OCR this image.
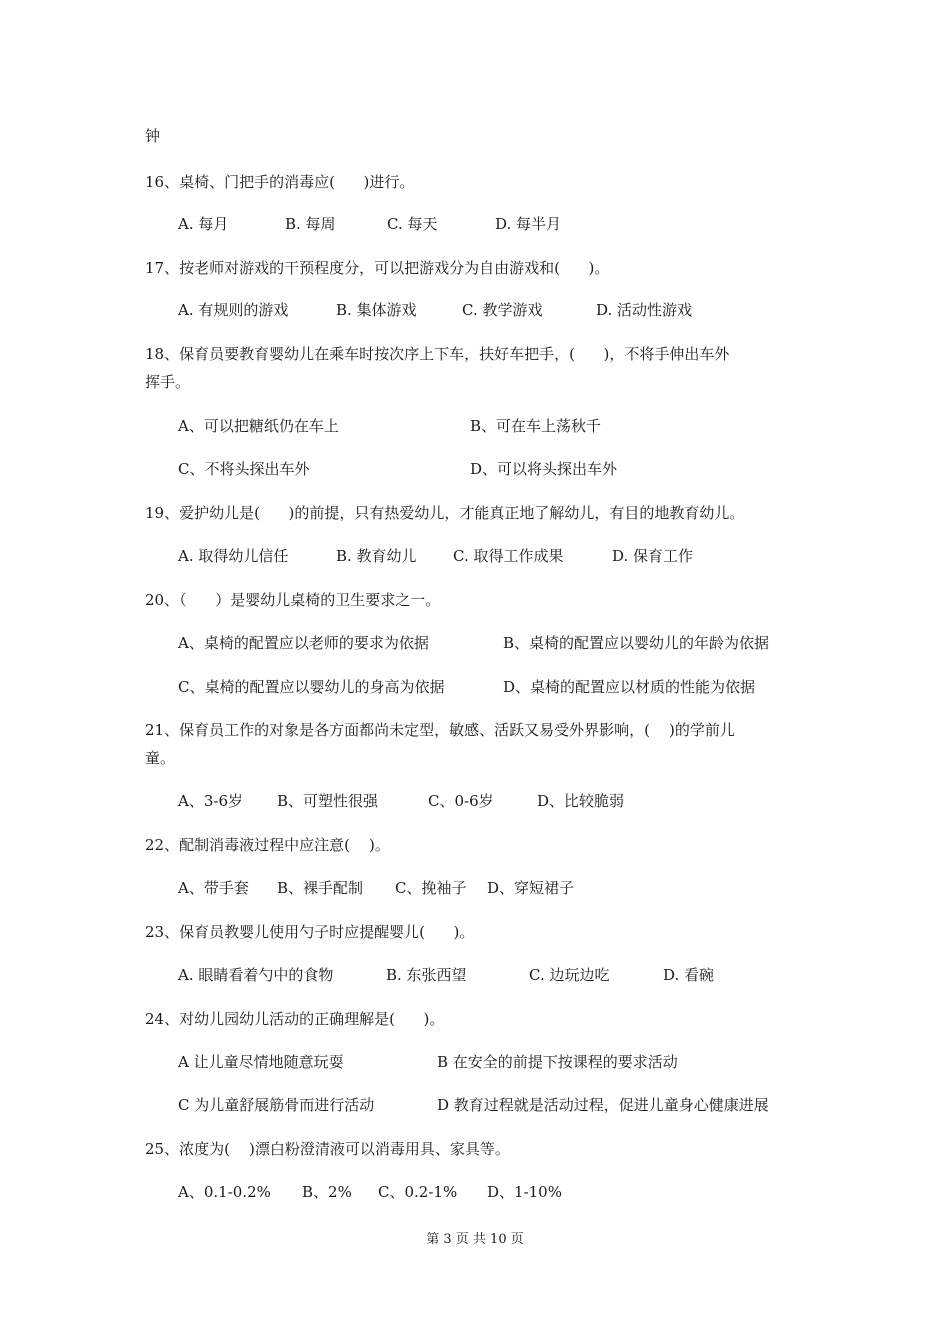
钟
16、桌椅、门把手的消毒应(      )进行。
A. 每月	B. 每周	C. 每天	D. 每半月
17、按老师对游戏的干预程度分，可以把游戏分为自由游戏和(      )。
A. 有规则的游戏	B. 集体游戏	C. 教学游戏	D. 活动性游戏
18、保育员要教育婴幼儿在乘车时按次序上下车，扶好车把手，(      )，不将手伸出车外
挥手。
A、可以把糖纸仍在车上	B、可在车上荡秋千
C、不将头探出车外	D、可以将头探出车外
19、爱护幼儿是(      )的前提，只有热爱幼儿，才能真正地了解幼儿，有目的地教育幼儿。
A. 取得幼儿信任	B. 教育幼儿 C. 取得工作成果	D. 保育工作
20、（      ）是婴幼儿桌椅的卫生要求之一。
A、桌椅的配置应以老师的要求为依据	B、桌椅的配置应以婴幼儿的年龄为依据
C、桌椅的配置应以婴幼儿的身高为依据	D、桌椅的配置应以材质的性能为依据
21、保育员工作的对象是各方面都尚未定型，敏感、活跃又易受外界影响，(    )的学前儿
童。
A、3-6岁 B、可塑性很强	C、0-6岁	D、比较脆弱
22、配制消毒液过程中应注意(    )。
A、带手套 B、裸手配制 C、挽袖子 D、穿短裙子
23、保育员教婴儿使用勺子时应提醒婴儿(      )。
A. 眼睛看着勺中的食物	B. 东张西望	C. 边玩边吃	D. 看碗
24、对幼儿园幼儿活动的正确理解是(      )。
A 让儿童尽情地随意玩耍	B 在安全的前提下按课程的要求活动
C 为儿童舒展筋骨而进行活动	D 教育过程就是活动过程，促进儿童身心健康进展
25、浓度为(    )漂白粉澄清液可以消毒用具、家具等。
A、0.1-0.2% B、2% C、0.2-1% D、1-10%
第 3 页 共 10 页
